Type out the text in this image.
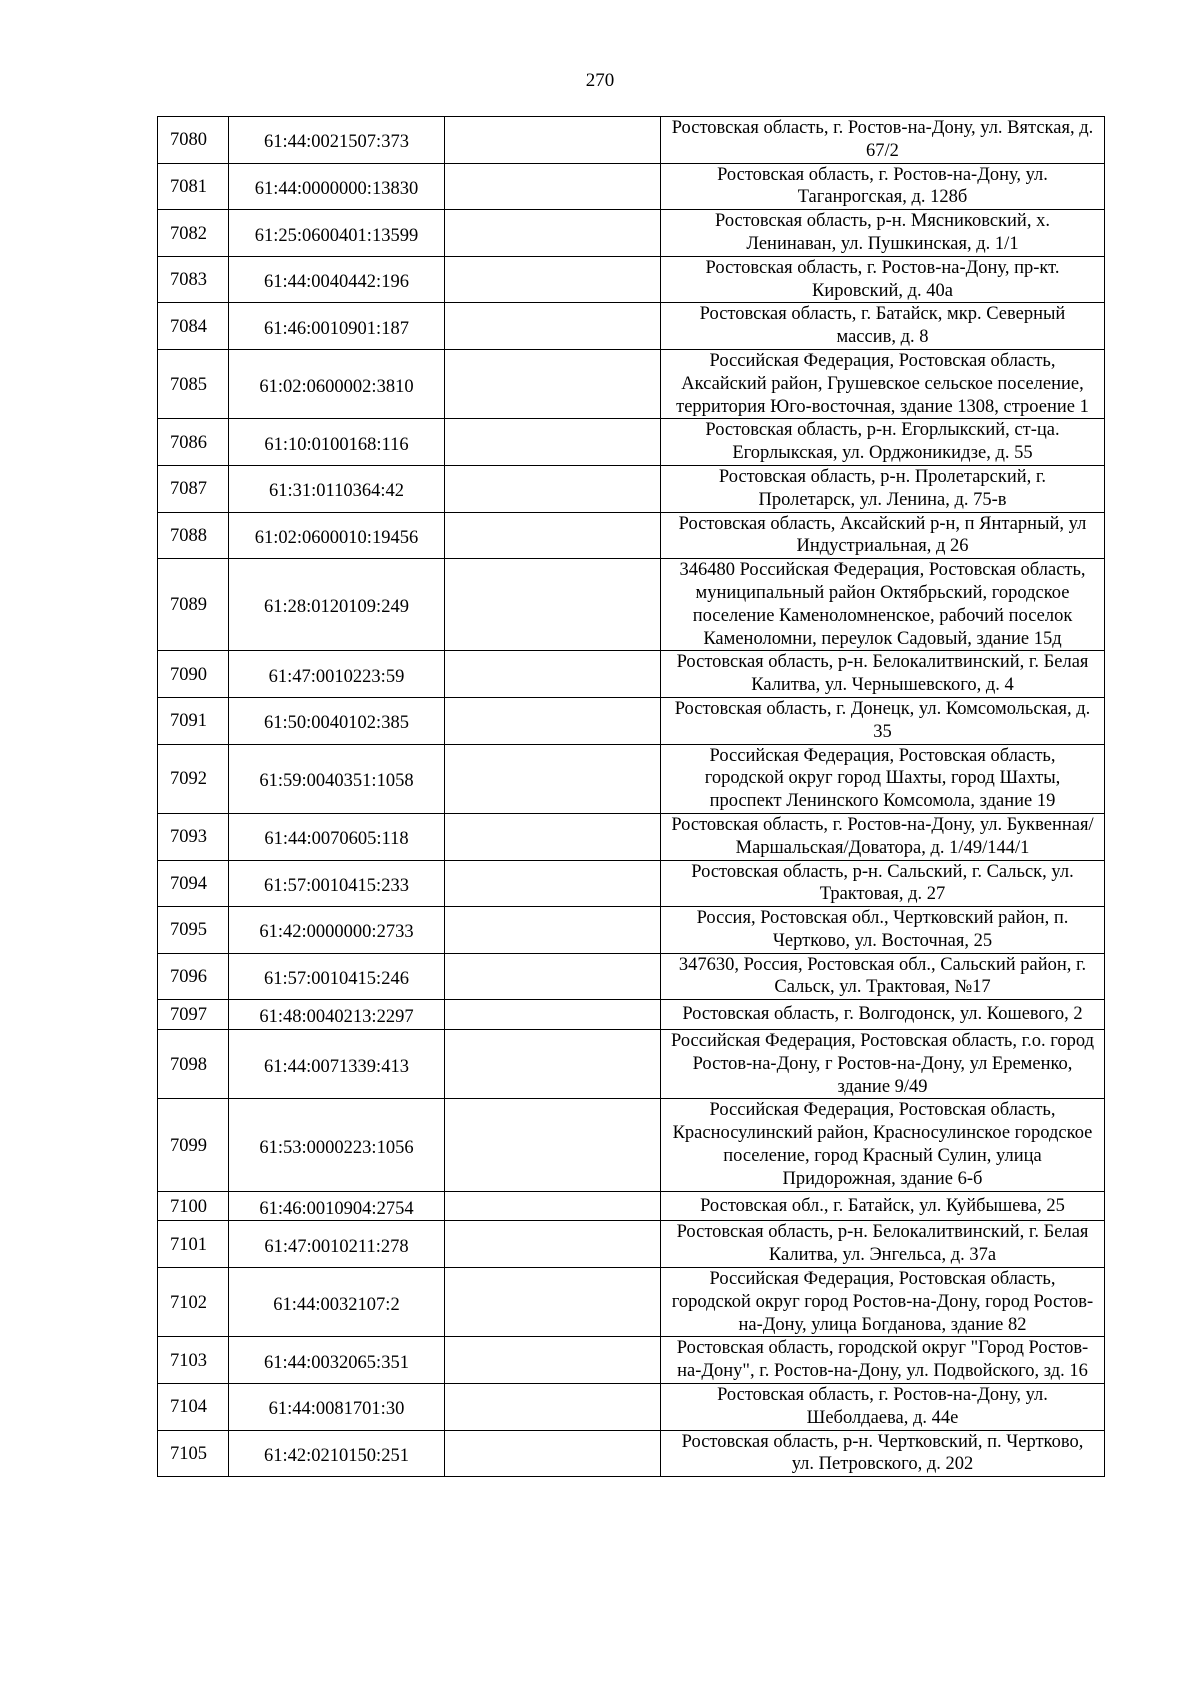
270
7080	61:44:0021507:373		Ростовская область, г. Ростов-на-Дону, ул. Вятская, д. 67/2
7081	61:44:0000000:13830		Ростовская область, г. Ростов-на-Дону, ул. Таганрогская, д. 128б
7082	61:25:0600401:13599		Ростовская область, р-н. Мясниковский, х. Ленинаван, ул. Пушкинская, д. 1/1
7083	61:44:0040442:196		Ростовская область, г. Ростов-на-Дону, пр-кт. Кировский, д. 40а
7084	61:46:0010901:187		Ростовская область, г. Батайск, мкр. Северный массив, д. 8
7085	61:02:0600002:3810		Российская Федерация, Ростовская область, Аксайский район, Грушевское сельское поселение, территория Юго-восточная, здание 1308, строение 1
7086	61:10:0100168:116		Ростовская область, р-н. Егорлыкский, ст-ца. Егорлыкская, ул. Орджоникидзе, д. 55
7087	61:31:0110364:42		Ростовская область, р-н. Пролетарский, г. Пролетарск, ул. Ленина, д. 75-в
7088	61:02:0600010:19456		Ростовская область, Аксайский р-н, п Янтарный, ул Индустриальная, д 26
7089	61:28:0120109:249		346480 Российская Федерация, Ростовская область, муниципальный район Октябрьский, городское поселение Каменоломненское, рабочий поселок Каменоломни, переулок Садовый, здание 15д
7090	61:47:0010223:59		Ростовская область, р-н. Белокалитвинский, г. Белая Калитва, ул. Чернышевского, д. 4
7091	61:50:0040102:385		Ростовская область, г. Донецк, ул. Комсомольская, д. 35
7092	61:59:0040351:1058		Российская Федерация, Ростовская область, городской округ город Шахты, город Шахты, проспект Ленинского Комсомола, здание 19
7093	61:44:0070605:118		Ростовская область, г. Ростов-на-Дону, ул. Буквенная/Маршальская/Доватора, д. 1/49/144/1
7094	61:57:0010415:233		Ростовская область, р-н. Сальский, г. Сальск, ул. Трактовая, д. 27
7095	61:42:0000000:2733		Россия, Ростовская обл., Чертковский район, п. Чертково, ул. Восточная, 25
7096	61:57:0010415:246		347630, Россия, Ростовская обл., Сальский район, г. Сальск, ул. Трактовая, №17
7097	61:48:0040213:2297		Ростовская область, г. Волгодонск, ул. Кошевого, 2
7098	61:44:0071339:413		Российская Федерация, Ростовская область, г.о. город Ростов-на-Дону, г Ростов-на-Дону, ул Еременко, здание 9/49
7099	61:53:0000223:1056		Российская Федерация, Ростовская область, Красносулинский район, Красносулинское городское поселение, город Красный Сулин, улица Придорожная, здание 6-б
7100	61:46:0010904:2754		Ростовская обл., г. Батайск, ул. Куйбышева, 25
7101	61:47:0010211:278		Ростовская область, р-н. Белокалитвинский, г. Белая Калитва, ул. Энгельса, д. 37а
7102	61:44:0032107:2		Российская Федерация, Ростовская область, городской округ город Ростов-на-Дону, город Ростов-на-Дону, улица Богданова, здание 82
7103	61:44:0032065:351		Ростовская область, городской округ "Город Ростов-на-Дону", г. Ростов-на-Дону, ул. Подвойского, зд. 16
7104	61:44:0081701:30		Ростовская область, г. Ростов-на-Дону, ул. Шеболдаева, д. 44е
7105	61:42:0210150:251		Ростовская область, р-н. Чертковский, п. Чертково, ул. Петровского, д. 202
